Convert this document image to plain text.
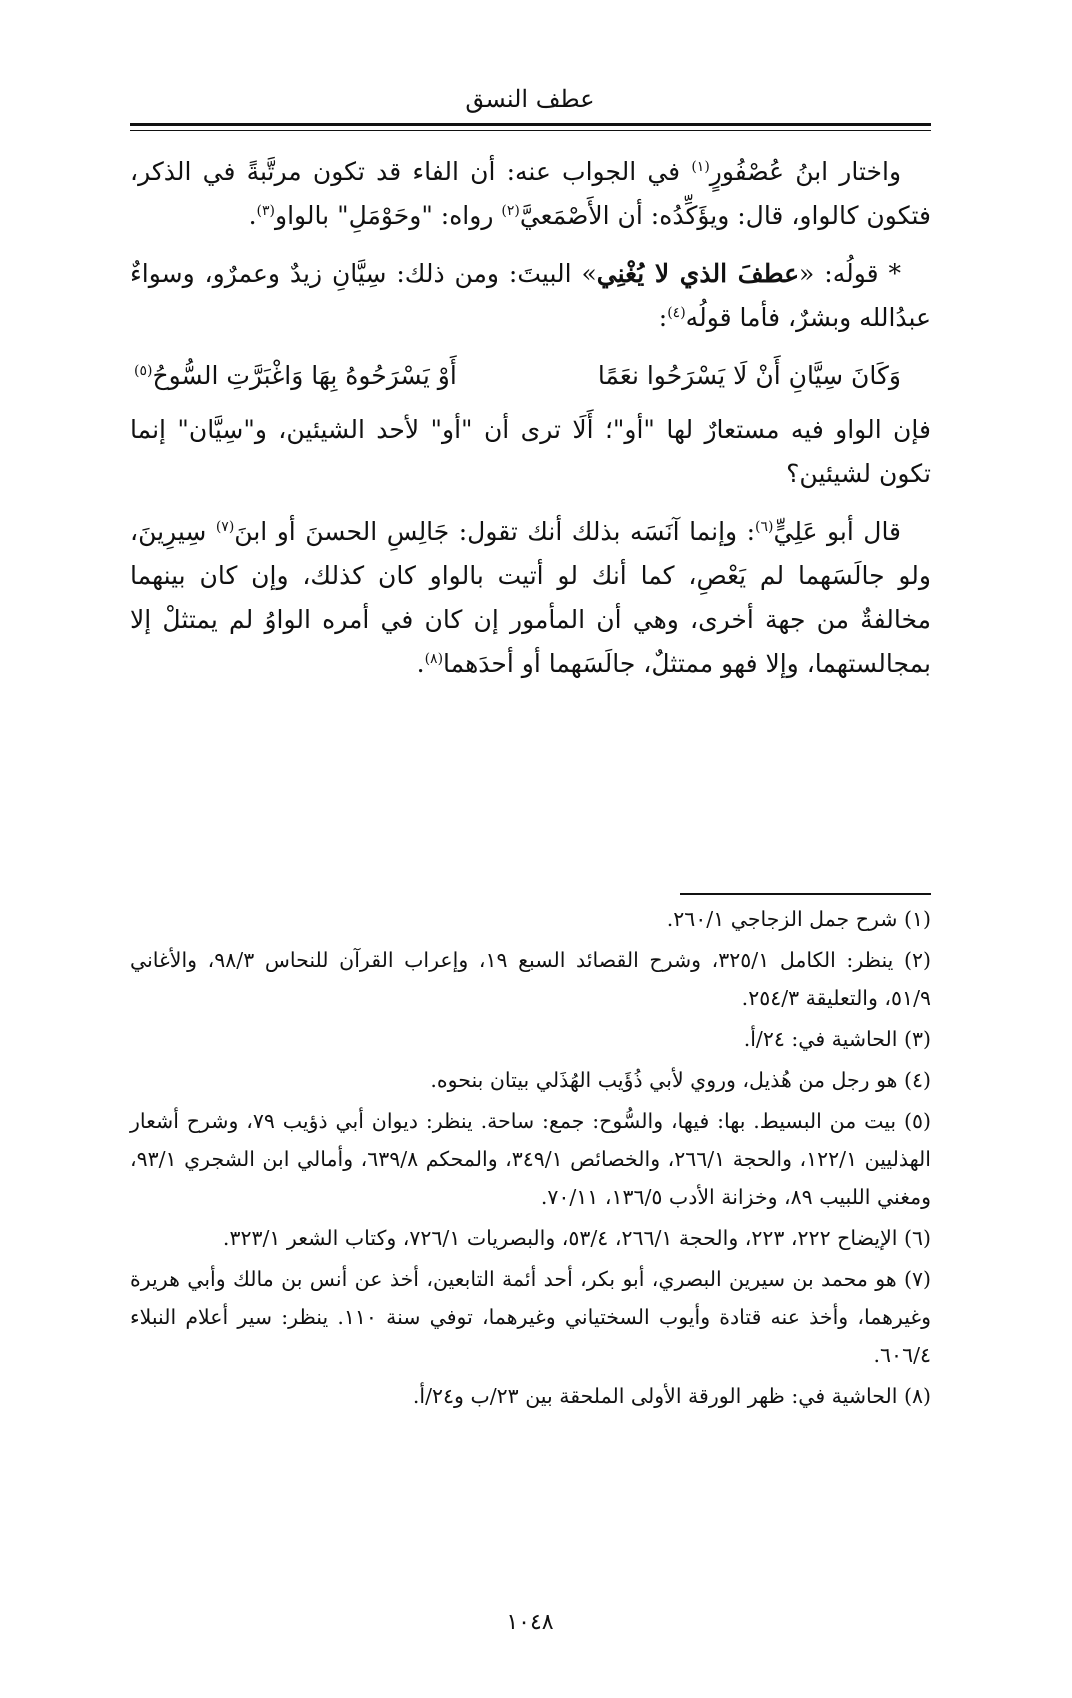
عطف النسق

واختار ابنُ عُصْفُورٍ$^{(١)}$ في الجواب عنه: أن الفاء قد تكون مرتَّبةً في الذكر، فتكون كالواو، قال: ويؤَكِّدُه: أن الأَصْمَعيَّ$^{(٢)}$ رواه: "وحَوْمَلِ" بالواو$^{(٣)}$.

* قولُه: «عطفَ الذي لا يُغْنِي» البيتَ: ومن ذلك: سِيَّانِ زيدٌ وعمرٌو، وسواءٌ عبدُالله وبشرٌ، فأما قولُه$^{(٤)}$:

وَكَانَ سِيَّانِ أَنْ لَا يَسْرَحُوا نعَمًا
أَوْ يَسْرَحُوهُ بِهَا وَاغْبَرَّتِ السُّوحُ$^{(٥)}$

فإن الواو فيه مستعارٌ لها "أو"؛ أَلَا ترى أن "أو" لأحد الشيئين، و"سِيَّان" إنما تكون لشيئين؟

قال أبو عَلِيٍّ$^{(٦)}$: وإنما آنَسَه بذلك أنك تقول: جَالِسِ الحسنَ أو ابنَ$^{(٧)}$ سِيرِينَ، ولو جالَسَهما لم يَعْصِ، كما أنك لو أتيت بالواو كان كذلك، وإن كان بينهما مخالفةٌ من جهة أخرى، وهي أن المأمور إن كان في أمره الواوُ لم يمتثلْ إلا بمجالستهما، وإلا فهو ممتثلٌ، جالَسَهما أو أحدَهما$^{(٨)}$.

(١) شرح جمل الزجاجي ٢٦٠/١.
(٢) ينظر: الكامل ٣٢٥/١، وشرح القصائد السبع ١٩، وإعراب القرآن للنحاس ٩٨/٣، والأغاني ٥١/٩، والتعليقة ٢٥٤/٣.
(٣) الحاشية في: ٢٤/أ.
(٤) هو رجل من هُذيل، وروي لأبي ذُؤَيب الهُذَلي بيتان بنحوه.
(٥) بيت من البسيط. بها: فيها، والسُّوح: جمع: ساحة. ينظر: ديوان أبي ذؤيب ٧٩، وشرح أشعار الهذليين ١٢٢/١، والحجة ٢٦٦/١، والخصائص ٣٤٩/١، والمحكم ٦٣٩/٨، وأمالي ابن الشجري ٩٣/١، ومغني اللبيب ٨٩، وخزانة الأدب ١٣٦/٥، ٧٠/١١.
(٦) الإيضاح ٢٢٢، ٢٢٣، والحجة ٢٦٦/١، ٥٣/٤، والبصريات ٧٢٦/١، وكتاب الشعر ٣٢٣/١.
(٧) هو محمد بن سيرين البصري، أبو بكر، أحد أئمة التابعين، أخذ عن أنس بن مالك وأبي هريرة وغيرهما، وأخذ عنه قتادة وأيوب السختياني وغيرهما، توفي سنة ١١٠. ينظر: سير أعلام النبلاء ٦٠٦/٤.
(٨) الحاشية في: ظهر الورقة الأولى الملحقة بين ٢٣/ب و٢٤/أ.
١٠٤٨
